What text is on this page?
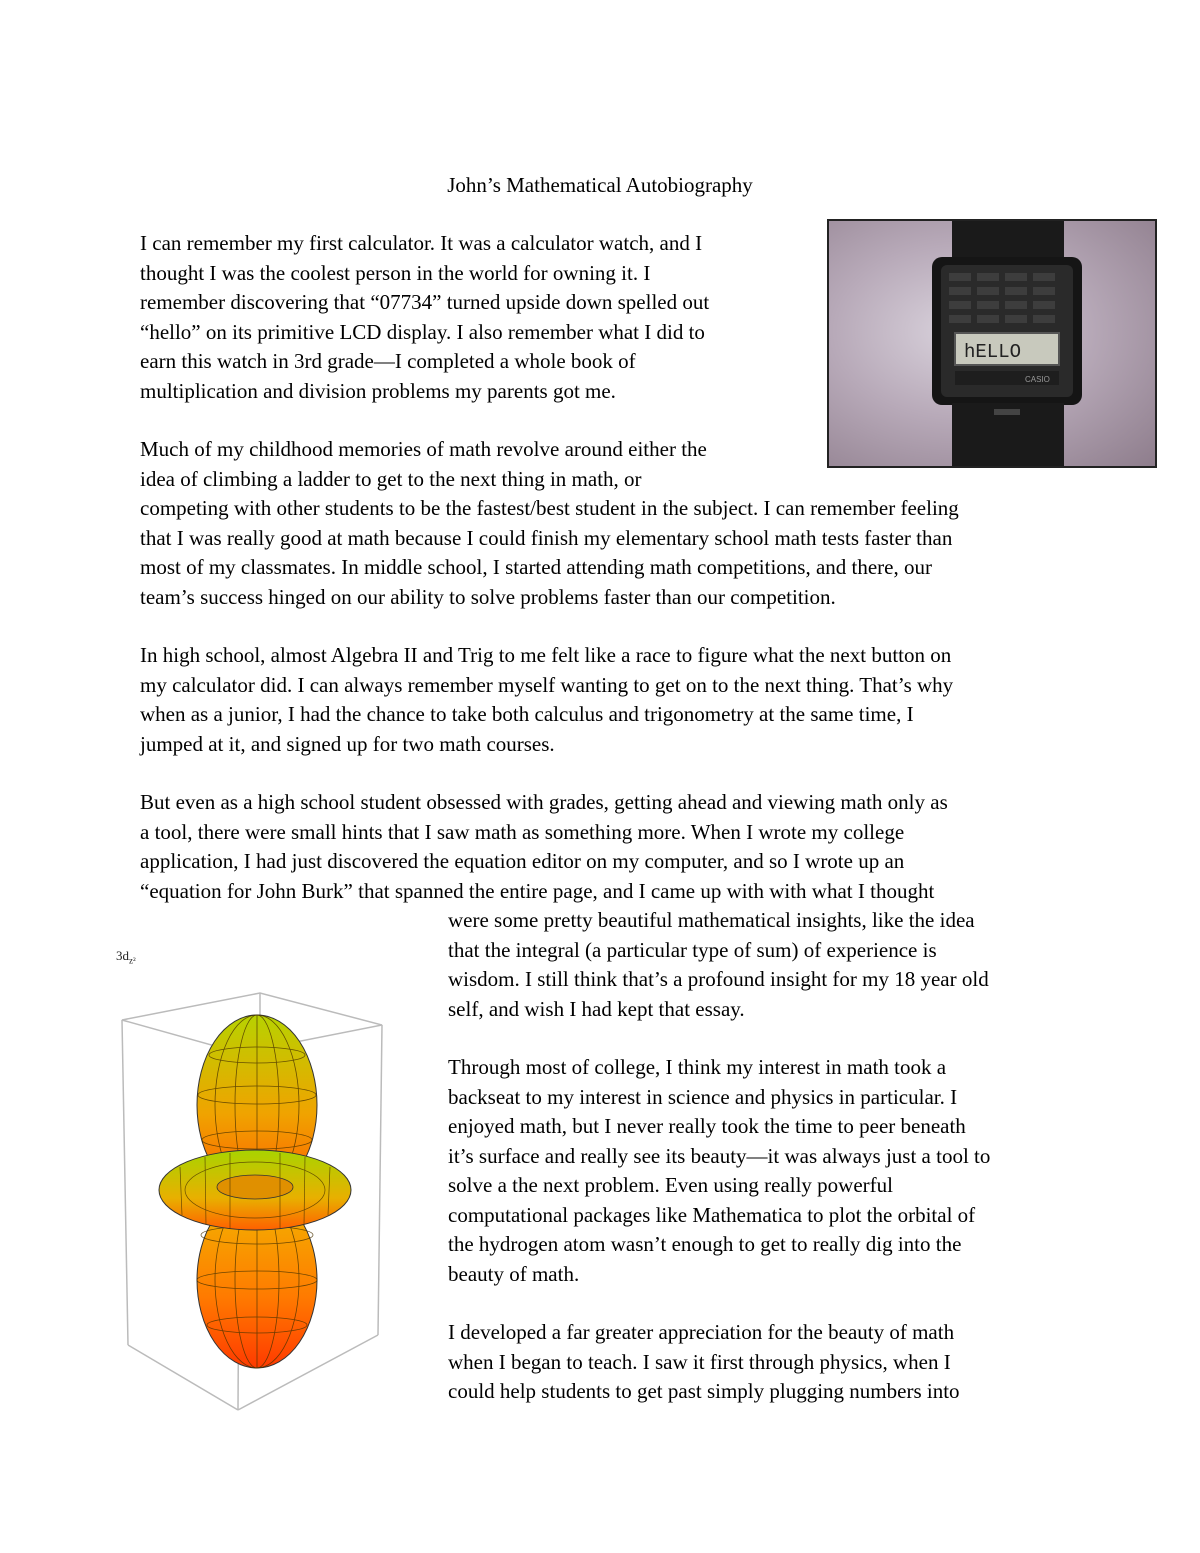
John’s Mathematical Autobiography

I can remember my first calculator. It was a calculator watch, and I
thought I was the coolest person in the world for owning it. I
remember discovering that “07734” turned upside down spelled out
“hello” on its primitive LCD display. I also remember what I did to
earn this watch in 3rd grade—I completed a whole book of
multiplication and division problems my parents got me.

Much of my childhood memories of math revolve around either the
idea of climbing a ladder to get to the next thing in math, or
competing with other students to be the fastest/best student in the subject. I can remember feeling
that I was really good at math because I could finish my elementary school math tests faster than
most of my classmates. In middle school, I started attending math competitions, and there, our
team’s success hinged on our ability to solve problems faster than our competition.

In high school, almost Algebra II and Trig to me felt like a race to figure what the next button on
my calculator did. I can always remember myself wanting to get on to the next thing. That’s why
when as a junior, I had the chance to take both calculus and trigonometry at the same time, I
jumped at it, and signed up for two math courses.

But even as a high school student obsessed with grades, getting ahead and viewing math only as
a tool, there were small hints that I saw math as something more. When I wrote my college
application, I had just discovered the equation editor on my computer, and so I wrote up an
“equation for John Burk” that spanned the entire page, and I came up with with what I thought

were some pretty beautiful mathematical insights, like the idea
that the integral (a particular type of sum) of experience is
wisdom. I still think that’s a profound insight for my 18 year old
self, and wish I had kept that essay.

Through most of college, I think my interest in math took a
backseat to my interest in science and physics in particular. I
enjoyed math, but I never really took the time to peer beneath
it’s surface and really see its beauty—it was always just a tool to
solve a the next problem. Even using really powerful
computational packages like Mathematica to plot the orbital of
the hydrogen atom wasn’t enough to get to really dig into the
beauty of math.

I developed a far greater appreciation for the beauty of math
when I began to teach. I saw it first through physics, when I
could help students to get past simply plugging numbers into

hELLO
CASIO
$3d_{z^2}$
